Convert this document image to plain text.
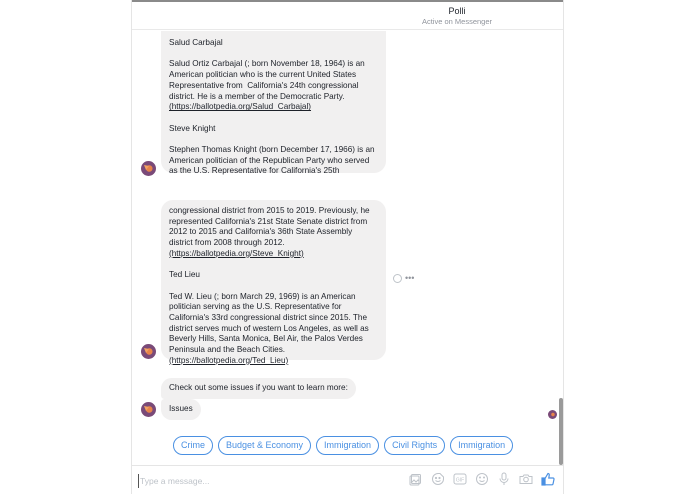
Polli
Active on Messenger

Salud Carbajal

Salud Ortiz Carbajal (; born November 18, 1964) is an American politician who is the current United States Representative from  California's 24th congressional district. He is a member of the Democratic Party.

(https://ballotpedia.org/Salud_Carbajal)

Steve Knight

Stephen Thomas Knight (born December 17, 1966) is an American politician of the Republican Party who served as the U.S. Representative for California's 25th

congressional district from 2015 to 2019. Previously, he represented California's 21st State Senate district from 2012 to 2015 and California's 36th State Assembly district from 2008 through 2012.

(https://ballotpedia.org/Steve_Knight)

Ted Lieu

Ted W. Lieu (; born March 29, 1969) is an American politician serving as the U.S. Representative for California's 33rd congressional district since 2015. The district serves much of western Los Angeles, as well as Beverly Hills, Santa Monica, Bel Air, the Palos Verdes Peninsula and the Beach Cities.

(https://ballotpedia.org/Ted_Lieu)
•••

Check out some issues if you want to learn more:

Issues

Crime	Budget & Economy	Immigration	Civil Rights	Immigration
Type a message...
GIF
